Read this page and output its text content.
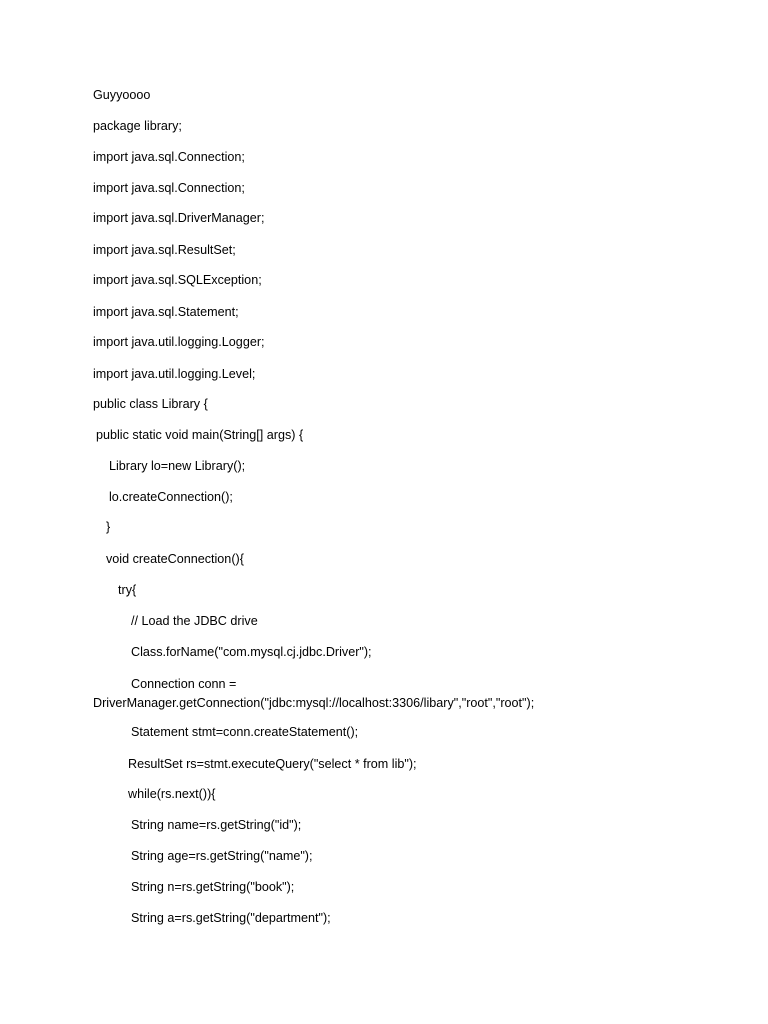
Guyyoooo
package library;
import java.sql.Connection;
import java.sql.Connection;
import java.sql.DriverManager;
import java.sql.ResultSet;
import java.sql.SQLException;
import java.sql.Statement;
import java.util.logging.Logger;
import java.util.logging.Level;
public class Library {
public static void main(String[] args) {
Library lo=new Library();
lo.createConnection();
}
void createConnection(){
try{
// Load the JDBC drive
Class.forName("com.mysql.cj.jdbc.Driver");
Connection conn = DriverManager.getConnection("jdbc:mysql://localhost:3306/libary","root","root");
Statement stmt=conn.createStatement();
ResultSet rs=stmt.executeQuery("select * from lib");
while(rs.next()){
String name=rs.getString("id");
String age=rs.getString("name");
String n=rs.getString("book");
String a=rs.getString("department");
